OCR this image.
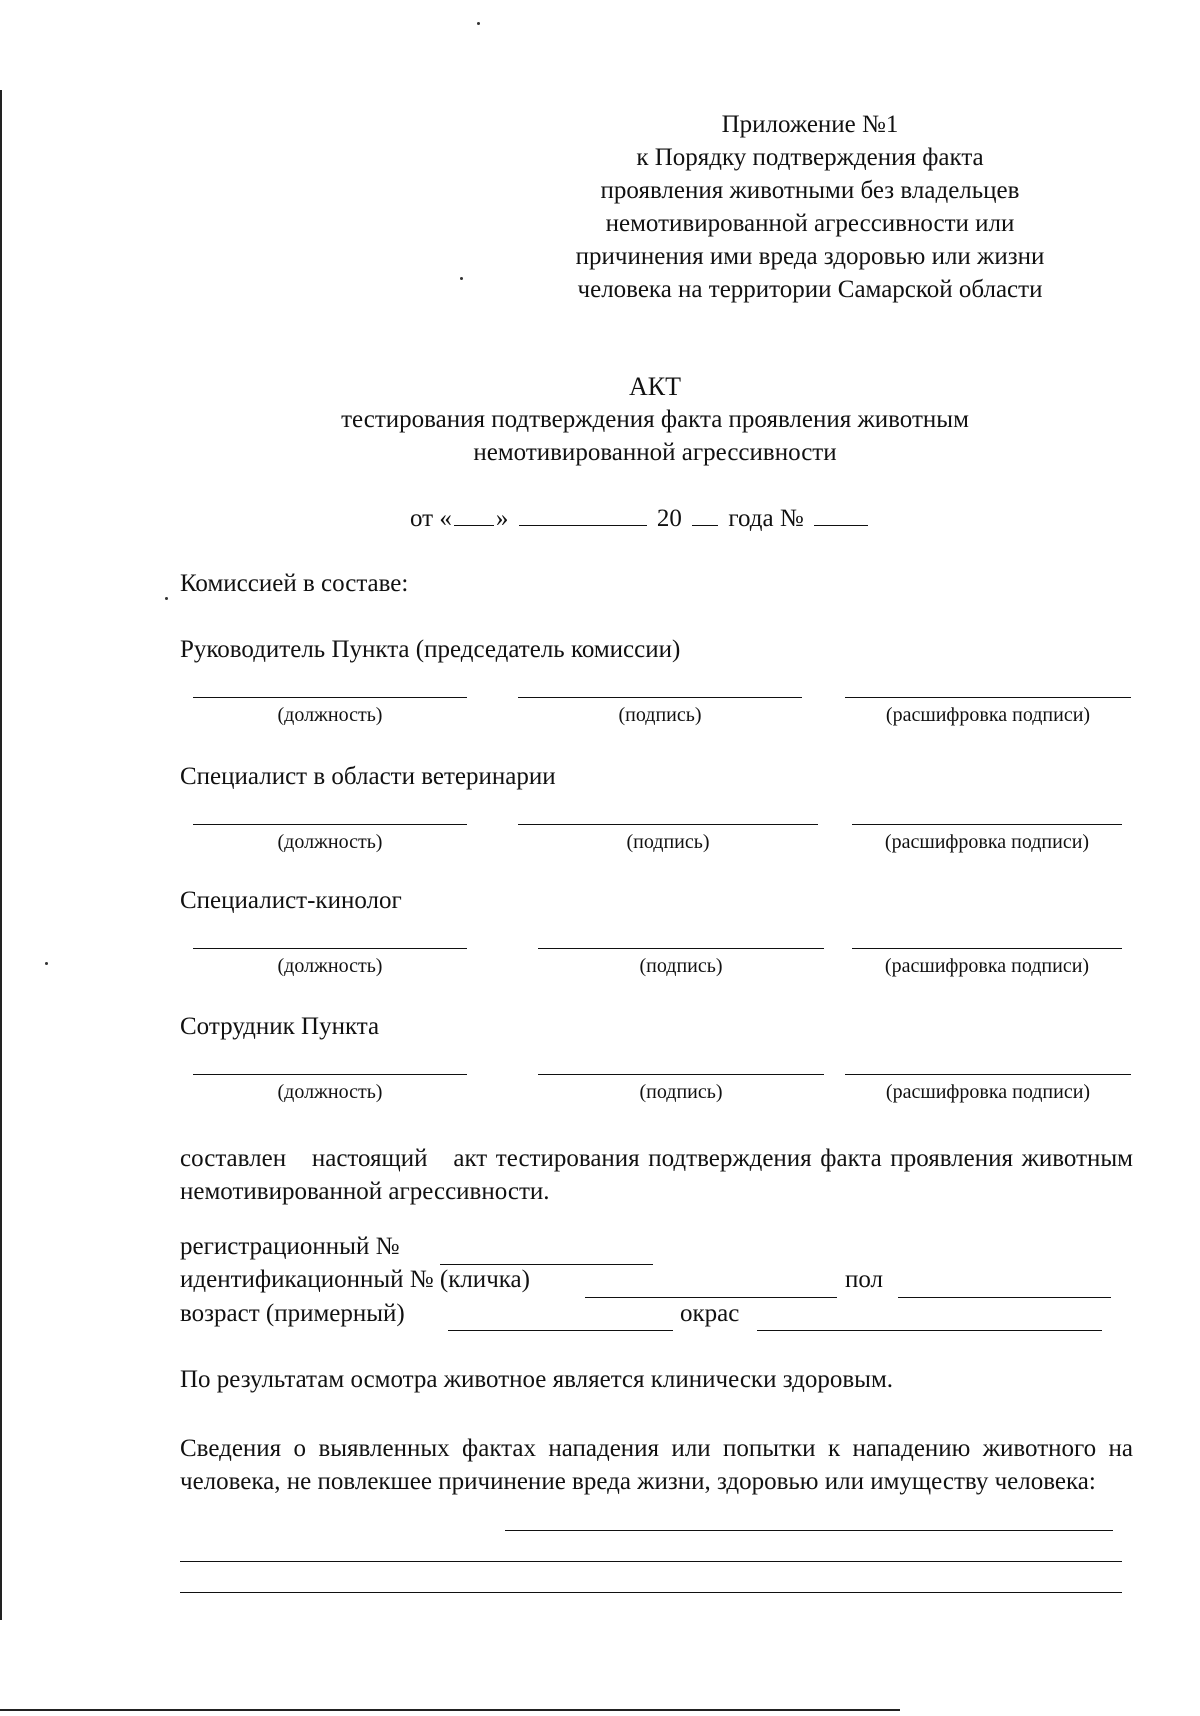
Приложение №1
к Порядку подтверждения факта
проявления животными без владельцев
немотивированной агрессивности или
причинения ими вреда здоровью или жизни
человека на территории Самарской области
АКТ
тестирования подтверждения факта проявления животным
немотивированной агрессивности
от « »	20 года №
Комиссией в составе:
Руководитель Пункта (председатель комиссии)
(должность)	(подпись)	(расшифровка подписи)
Специалист в области ветеринарии
(должность)	(подпись)	(расшифровка подписи)
Специалист-кинолог
(должность)	(подпись)	(расшифровка подписи)
Сотрудник Пункта
(должность)	(подпись)	(расшифровка подписи)
составлен   настоящий   акт тестирования подтверждения факта проявления животным немотивированной агрессивности.
регистрационный №
идентификационный № (кличка)	пол
возраст (примерный)	окрас
По результатам осмотра животное является клинически здоровым.
Сведения о выявленных фактах нападения или попытки к нападению животного на человека, не повлекшее причинение вреда жизни, здоровью или имуществу человека:
